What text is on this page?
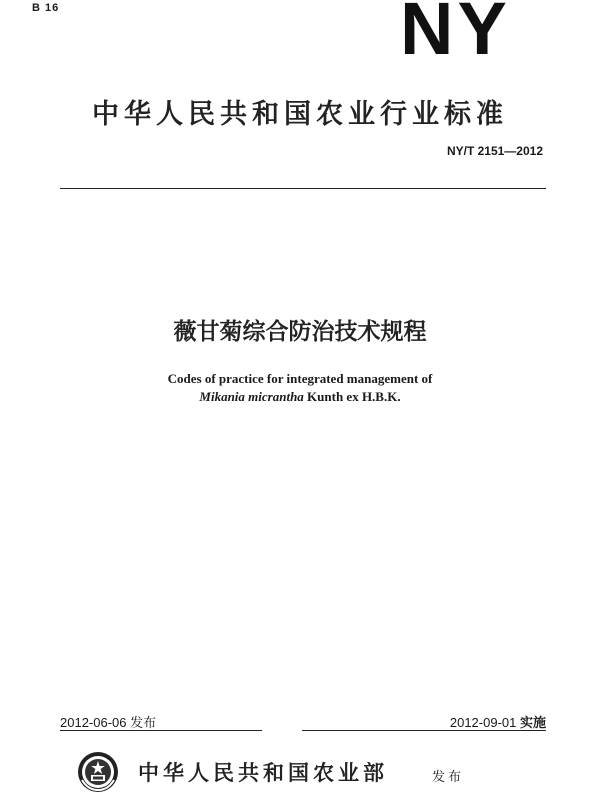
B 16	NY
中华人民共和国农业行业标准
NY/T 2151—2012
薇甘菊综合防治技术规程
Codes of practice for integrated management of
Mikania micrantha Kunth ex H.B.K.
2012-06-06 发布	2012-09-01 实施
中华人民共和国农业部	发布
